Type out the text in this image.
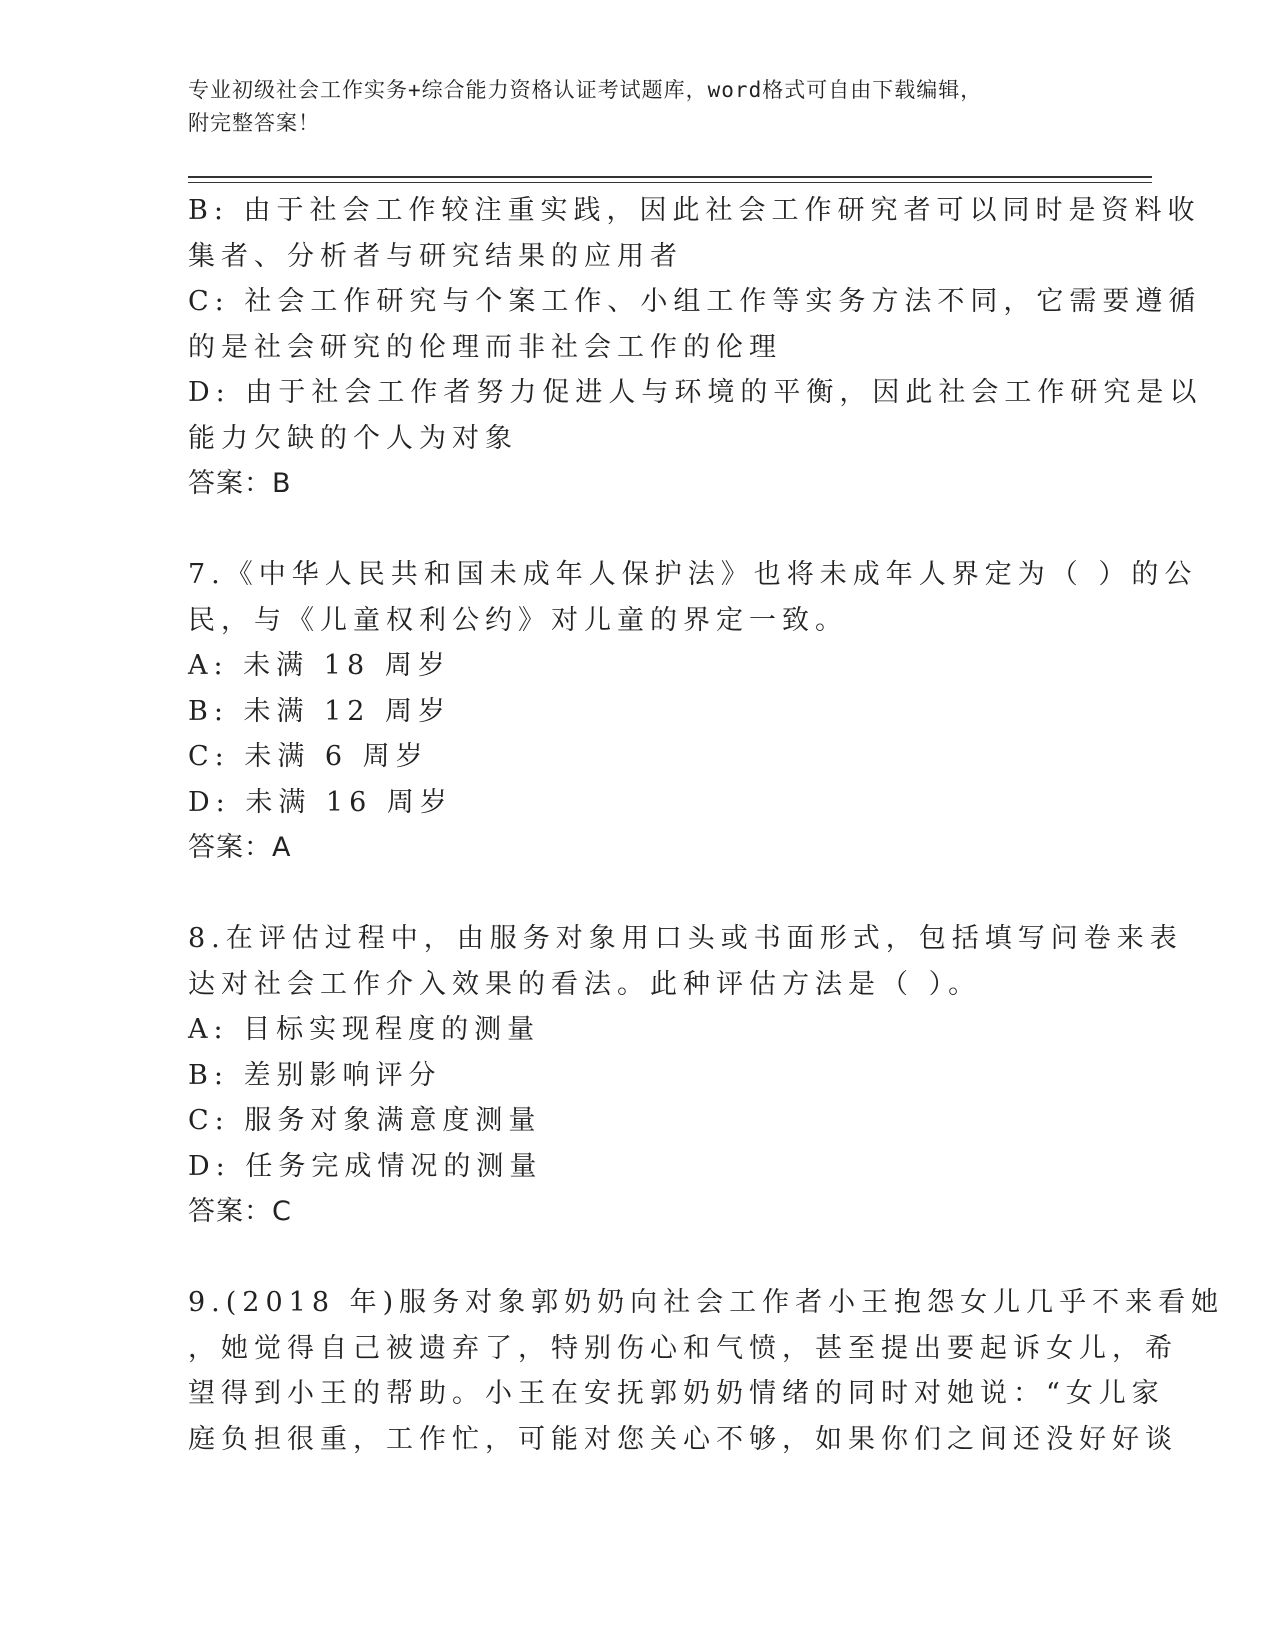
专业初级社会工作实务+综合能力资格认证考试题库，word格式可自由下载编辑，
附完整答案！
B: 由于社会工作较注重实践，因此社会工作研究者可以同时是资料收
集者、分析者与研究结果的应用者
C: 社会工作研究与个案工作、小组工作等实务方法不同，它需要遵循
的是社会研究的伦理而非社会工作的伦理
D: 由于社会工作者努力促进人与环境的平衡，因此社会工作研究是以
能力欠缺的个人为对象
答案：B
7.《中华人民共和国未成年人保护法》也将未成年人界定为（ ）的公
民，与《儿童权利公约》对儿童的界定一致。
A: 未满 18 周岁
B: 未满 12 周岁
C: 未满 6 周岁
D: 未满 16 周岁
答案：A
8.在评估过程中，由服务对象用口头或书面形式，包括填写问卷来表
达对社会工作介入效果的看法。此种评估方法是（ ）。
A: 目标实现程度的测量
B: 差别影响评分
C: 服务对象满意度测量
D: 任务完成情况的测量
答案：C
9.(2018 年)服务对象郭奶奶向社会工作者小王抱怨女儿几乎不来看她
，她觉得自己被遗弃了，特别伤心和气愤，甚至提出要起诉女儿，希
望得到小王的帮助。小王在安抚郭奶奶情绪的同时对她说：“女儿家
庭负担很重，工作忙，可能对您关心不够，如果你们之间还没好好谈
